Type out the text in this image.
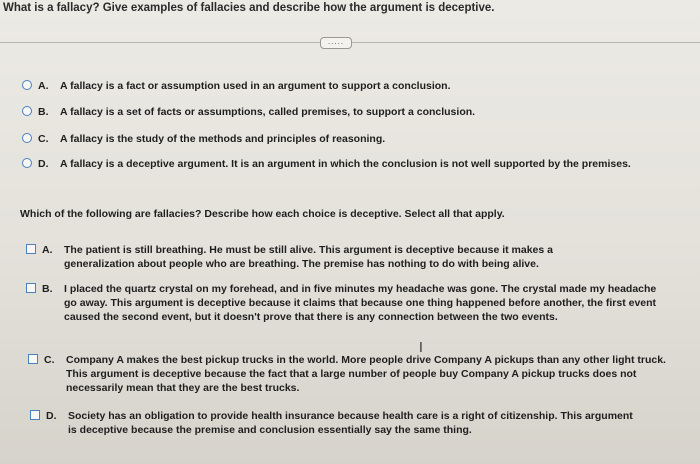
What is a fallacy? Give examples of fallacies and describe how the argument is deceptive.
.....
A. A fallacy is a fact or assumption used in an argument to support a conclusion.
B. A fallacy is a set of facts or assumptions, called premises, to support a conclusion.
C. A fallacy is the study of the methods and principles of reasoning.
D. A fallacy is a deceptive argument. It is an argument in which the conclusion is not well supported by the premises.
Which of the following are fallacies? Describe how each choice is deceptive. Select all that apply.
A. The patient is still breathing. He must be still alive. This argument is deceptive because it makes a generalization about people who are breathing. The premise has nothing to do with being alive.
B. I placed the quartz crystal on my forehead, and in five minutes my headache was gone. The crystal made my headache go away. This argument is deceptive because it claims that because one thing happened before another, the first event caused the second event, but it doesn't prove that there is any connection between the two events.
C. Company A makes the best pickup trucks in the world. More people drive Company A pickups than any other light truck. This argument is deceptive because the fact that a large number of people buy Company A pickup trucks does not necessarily mean that they are the best trucks.
D. Society has an obligation to provide health insurance because health care is a right of citizenship. This argument is deceptive because the premise and conclusion essentially say the same thing.
I
